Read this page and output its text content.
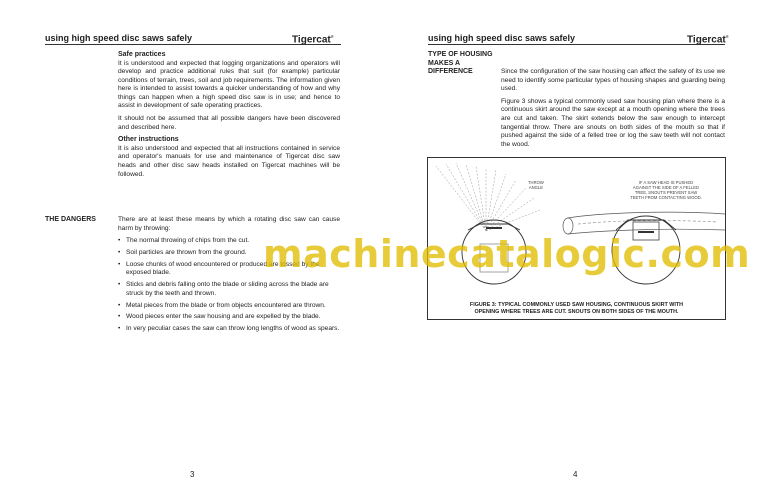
using high speed disc saws safely	Tigercat®
Safe practices

It is understood and expected that logging organizations and operators will develop and practice additional rules that suit (for example) particular conditions of terrain, trees, soil and job requirements. The information given here is intended to assist towards a quicker understanding of how and why things can happen when a high speed disc saw is in use; and hence to assist in development of safe operating practices.

It should not be assumed that all possible dangers have been discovered and described here.

Other instructions

It is also understood and expected that all instructions contained in service and operator's manuals for use and maintenance of Tigercat disc saw heads and other disc saw heads installed on Tigercat machines will be followed.

THE DANGERS	There are at least these means by which a rotating disc saw can cause harm by throwing:

• The normal throwing of chips from the cut.
• Soil particles are thrown from the ground.
• Loose chunks of wood encountered or produced are tossed by the exposed blade.
• Sticks and debris falling onto the blade or sliding across the blade are struck by the teeth and thrown.
• Metal pieces from the blade or from objects encountered are thrown.
• Wood pieces enter the saw housing and are expelled by the blade.
• In very peculiar cases the saw can throw long lengths of wood as spears.
3
using high speed disc saws safely	Tigercat®
TYPE OF HOUSING
MAKES A
DIFFERENCE	Since the configuration of the saw housing can affect the safety of its use we need to identify some particular types of housing shapes and guarding being used.

Figure 3 shows a typical commonly used saw housing plan where there is a continuous skirt around the saw except at a mouth opening where the trees are cut and taken. The skirt extends below the saw enough to intercept tangential throw. There are snouts on both sides of the mouth so that if pushed against the side of a felled tree or log the saw teeth will not contact the wood.

THROW
ANGLE
IF A SAW HEAD IS PUSHED
AGAINST THE SIDE OF A FELLED
TREE, SNOUTS PREVENT SAW
TEETH FROM CONTACTING WOOD.
FIGURE 3: TYPICAL COMMONLY USED SAW HOUSING, CONTINUOUS SKIRT WITH
OPENING WHERE TREES ARE CUT. SNOUTS ON BOTH SIDES OF THE MOUTH.
4
machinecatalogic.com
